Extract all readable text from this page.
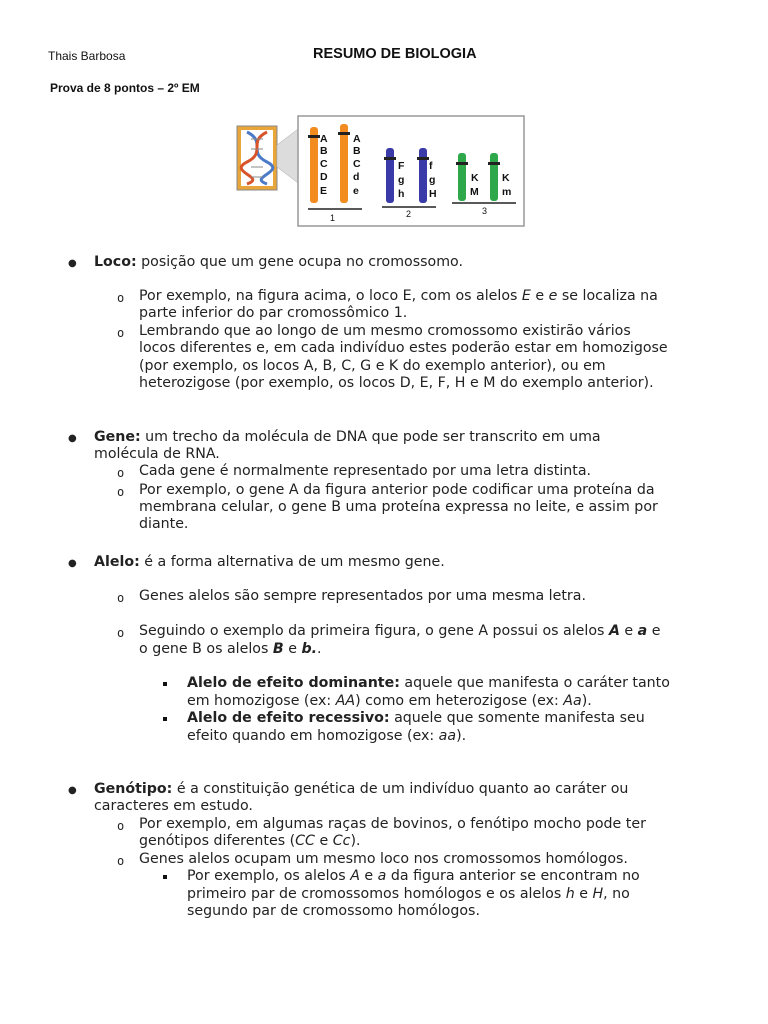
Thais Barbosa	RESUMO DE BIOLOGIA
Prova de 8 pontos – 2º EM
A
B
C
D
E
A
B
C
d
e
1
F
g
h
f
g
H
2
K
M
K
m
3
● Loco: posição que um gene ocupa no cromossomo.
o Por exemplo, na figura acima, o loco E, com os alelos E e e se localiza na
parte inferior do par cromossômico 1.
o Lembrando que ao longo de um mesmo cromossomo existirão vários
locos diferentes e, em cada indivíduo estes poderão estar em homozigose
(por exemplo, os locos A, B, C, G e K do exemplo anterior), ou em
heterozigose (por exemplo, os locos D, E, F, H e M do exemplo anterior).
● Gene: um trecho da molécula de DNA que pode ser transcrito em uma
molécula de RNA.
o Cada gene é normalmente representado por uma letra distinta.
o Por exemplo, o gene A da figura anterior pode codificar uma proteína da
membrana celular, o gene B uma proteína expressa no leite, e assim por
diante.
● Alelo: é a forma alternativa de um mesmo gene.
o Genes alelos são sempre representados por uma mesma letra.
o Seguindo o exemplo da primeira figura, o gene A possui os alelos A e a e
o gene B os alelos B e b..
Alelo de efeito dominante: aquele que manifesta o caráter tanto
em homozigose (ex: AA) como em heterozigose (ex: Aa).
Alelo de efeito recessivo: aquele que somente manifesta seu
efeito quando em homozigose (ex: aa).
● Genótipo: é a constituição genética de um indivíduo quanto ao caráter ou
caracteres em estudo.
o Por exemplo, em algumas raças de bovinos, o fenótipo mocho pode ter
genótipos diferentes (CC e Cc).
o Genes alelos ocupam um mesmo loco nos cromossomos homólogos.
Por exemplo, os alelos A e a da figura anterior se encontram no
primeiro par de cromossomos homólogos e os alelos h e H, no
segundo par de cromossomo homólogos.
